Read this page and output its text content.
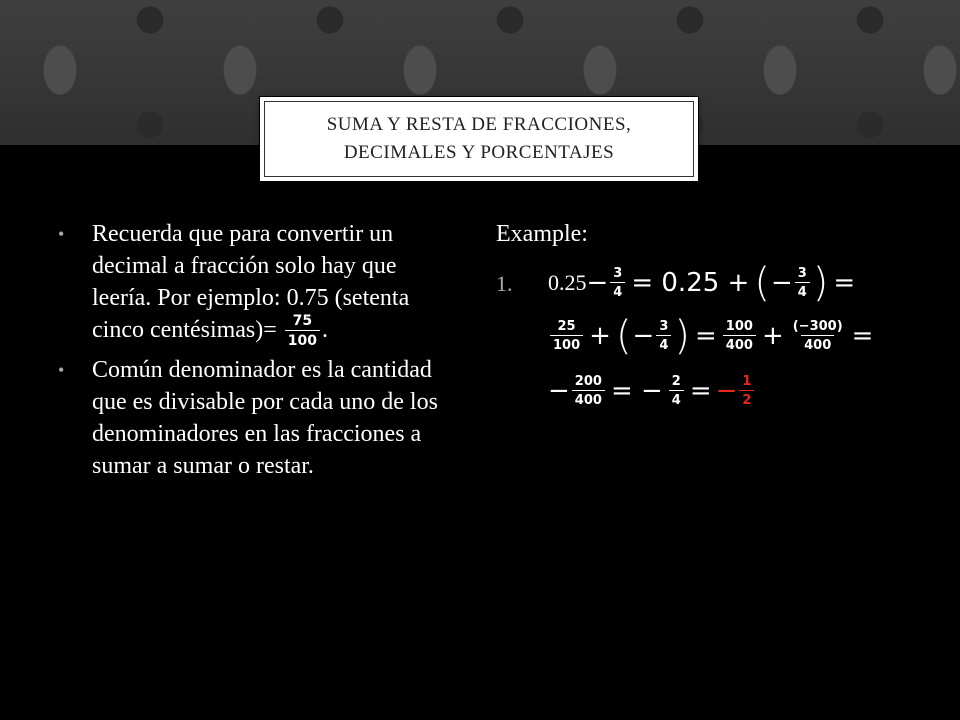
SUMA Y RESTA DE FRACCIONES,
DECIMALES Y PORCENTAJES
• Recuerda que para convertir un decimal a fracción solo hay que leería. Por ejemplo: 0.75 (setenta cinco centésimas)= $\frac{75}{100}$ .
• Común denominador es la cantidad que es divisable por cada uno de los denominadores en las fracciones a sumar a sumar o restar.
Example:
1. $0.25 - \frac{3}{4} = 0.25$ + ( − $\frac{3}{4}$ ) =
$\frac{25}{100}$ + ( − $\frac{3}{4}$ ) = $\frac{100}{400} + \frac{(-300)}{400}$ =
− $\frac{200}{400}$ = − $\frac{2}{4}$ = − $\frac{1}{2}$
